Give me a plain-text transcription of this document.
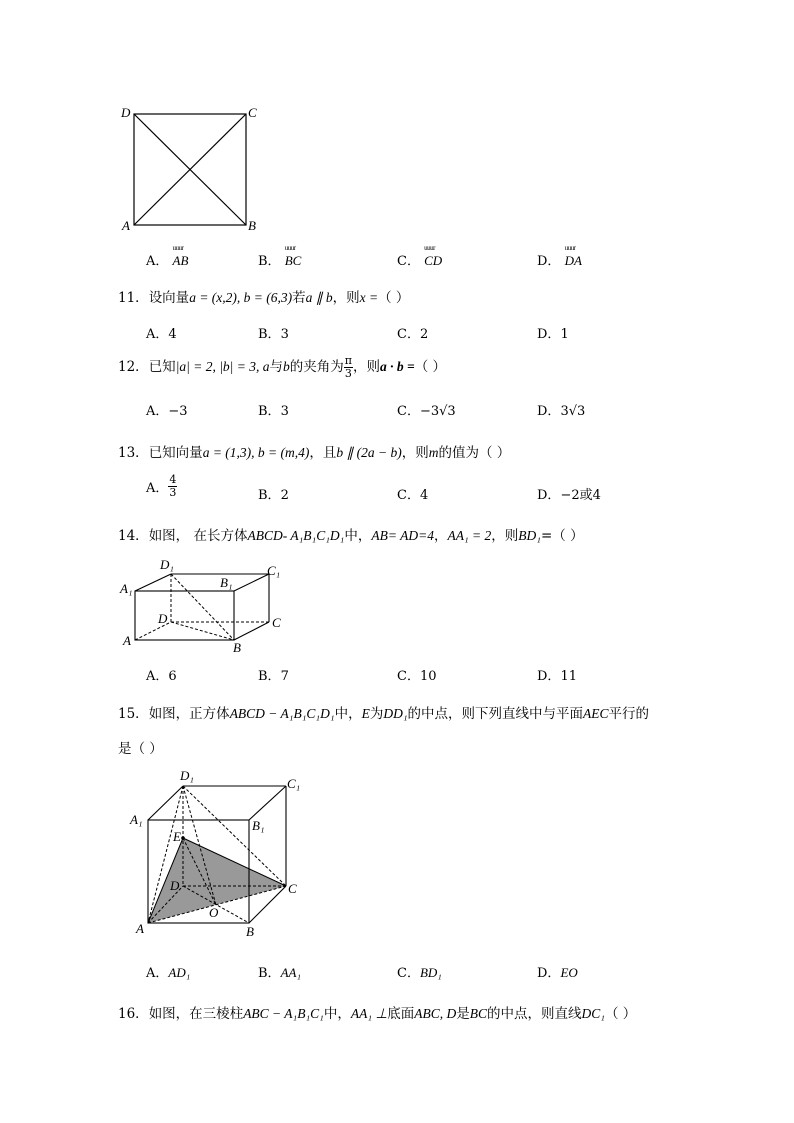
D	C
A	B
A． uuur AB	B． uuur BC	C． uuur CD	D． uuur DA
11．设向量a = (x,2), b = (6,3)若a ∥ b，则x =（ ）
A．4	B．3	C．2	D．1
12．已知|a| = 2, |b| = 3, a与b的夹角为 $\frac{\pi}{3}$ ，则a · b =（ ）
A．−3	B．3	C．−3√3	D．3√3
13．已知向量a = (1,3), b = (m,4)，且b ∥ (2a − b)，则m的值为（ ）
A． $\frac{4}{3}$	B．2	C．4	D．−2或4
14．如图， 在长方体ABCD- A₁B₁C₁D₁中，AB= AD=4，AA₁ = 2，则BD₁=（ ）
D₁
B₁
C₁
A₁
D	C
A	B
A．6	B．7	C．10	D．11
15．如图，正方体ABCD − A₁B₁C₁D₁中，E为DD₁的中点，则下列直线中与平面AEC平行的
是（ ）
D₁
C₁
A₁	B₁
E
D	C
O
A	B
A．AD₁	B．AA₁	C．BD₁	D．EO
16．如图，在三棱柱ABC − A₁B₁C₁中，AA₁ ⊥底面ABC, D是BC的中点，则直线DC₁（ ）
